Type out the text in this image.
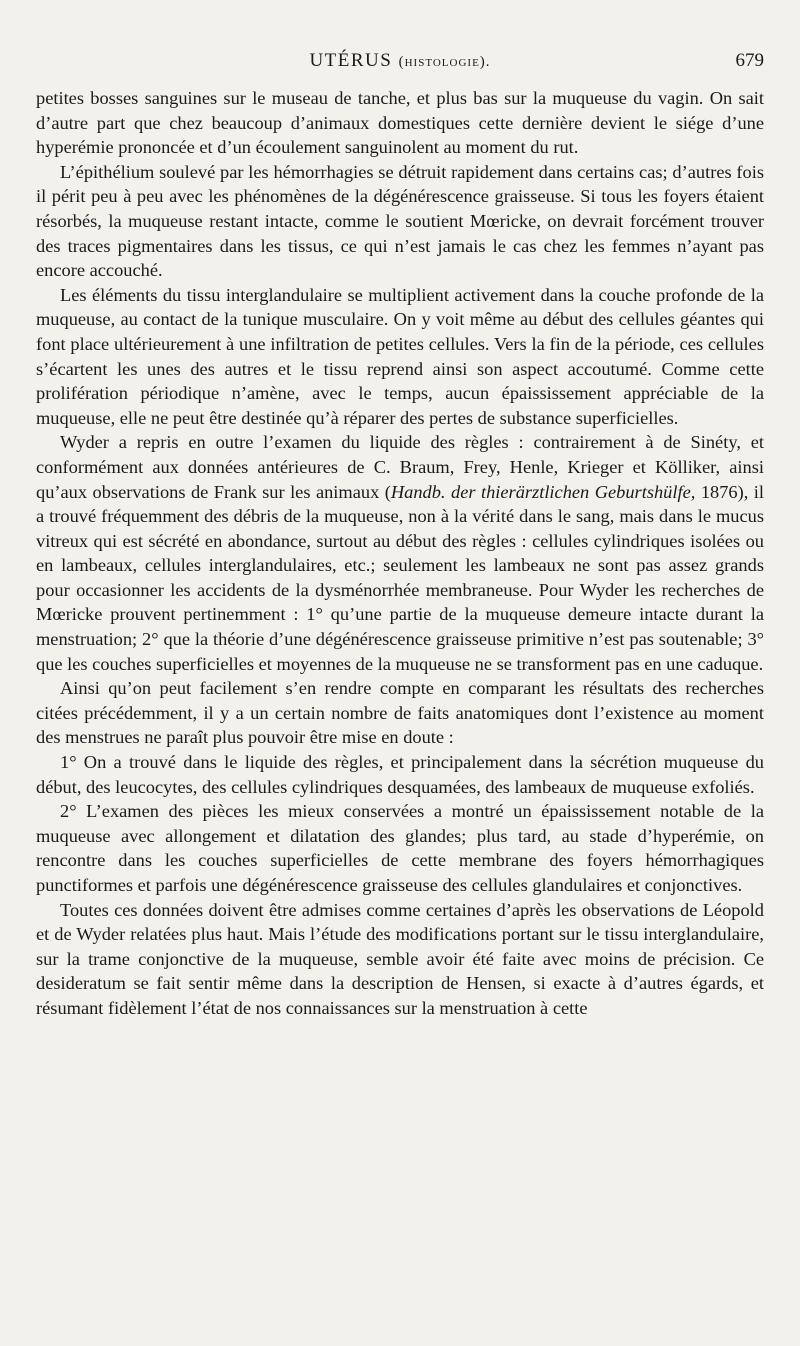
UTÉRUS (histologie).	679

petites bosses sanguines sur le museau de tanche, et plus bas sur la muqueuse du vagin. On sait d’autre part que chez beaucoup d’animaux domestiques cette dernière devient le siége d’une hyperémie prononcée et d’un écoulement sanguinolent au moment du rut.

L’épithélium soulevé par les hémorrhagies se détruit rapidement dans certains cas; d’autres fois il périt peu à peu avec les phénomènes de la dégénérescence graisseuse. Si tous les foyers étaient résorbés, la muqueuse restant intacte, comme le soutient Mœricke, on devrait forcément trouver des traces pigmentaires dans les tissus, ce qui n’est jamais le cas chez les femmes n’ayant pas encore accouché.

Les éléments du tissu interglandulaire se multiplient activement dans la couche profonde de la muqueuse, au contact de la tunique musculaire. On y voit même au début des cellules géantes qui font place ultérieurement à une infiltration de petites cellules. Vers la fin de la période, ces cellules s’écartent les unes des autres et le tissu reprend ainsi son aspect accoutumé. Comme cette prolifération périodique n’amène, avec le temps, aucun épaississement appréciable de la muqueuse, elle ne peut être destinée qu’à réparer des pertes de substance superficielles.

Wyder a repris en outre l’examen du liquide des règles : contrairement à de Sinéty, et conformément aux données antérieures de C. Braum, Frey, Henle, Krieger et Kölliker, ainsi qu’aux observations de Frank sur les animaux (Handb. der thierärztlichen Geburtshülfe, 1876), il a trouvé fréquemment des débris de la muqueuse, non à la vérité dans le sang, mais dans le mucus vitreux qui est sécrété en abondance, surtout au début des règles : cellules cylindriques isolées ou en lambeaux, cellules interglandulaires, etc.; seulement les lambeaux ne sont pas assez grands pour occasionner les accidents de la dysménorrhée membraneuse. Pour Wyder les recherches de Mœricke prouvent pertinemment : 1° qu’une partie de la muqueuse demeure intacte durant la menstruation; 2° que la théorie d’une dégénérescence graisseuse primitive n’est pas soutenable; 3° que les couches superficielles et moyennes de la muqueuse ne se transforment pas en une caduque.

Ainsi qu’on peut facilement s’en rendre compte en comparant les résultats des recherches citées précédemment, il y a un certain nombre de faits anatomiques dont l’existence au moment des menstrues ne paraît plus pouvoir être mise en doute :

1° On a trouvé dans le liquide des règles, et principalement dans la sécrétion muqueuse du début, des leucocytes, des cellules cylindriques desquamées, des lambeaux de muqueuse exfoliés.

2° L’examen des pièces les mieux conservées a montré un épaississement notable de la muqueuse avec allongement et dilatation des glandes; plus tard, au stade d’hyperémie, on rencontre dans les couches superficielles de cette membrane des foyers hémorrhagiques punctiformes et parfois une dégénérescence graisseuse des cellules glandulaires et conjonctives.

Toutes ces données doivent être admises comme certaines d’après les observations de Léopold et de Wyder relatées plus haut. Mais l’étude des modifications portant sur le tissu interglandulaire, sur la trame conjonctive de la muqueuse, semble avoir été faite avec moins de précision. Ce desideratum se fait sentir même dans la description de Hensen, si exacte à d’autres égards, et résumant fidèlement l’état de nos connaissances sur la menstruation à cette
